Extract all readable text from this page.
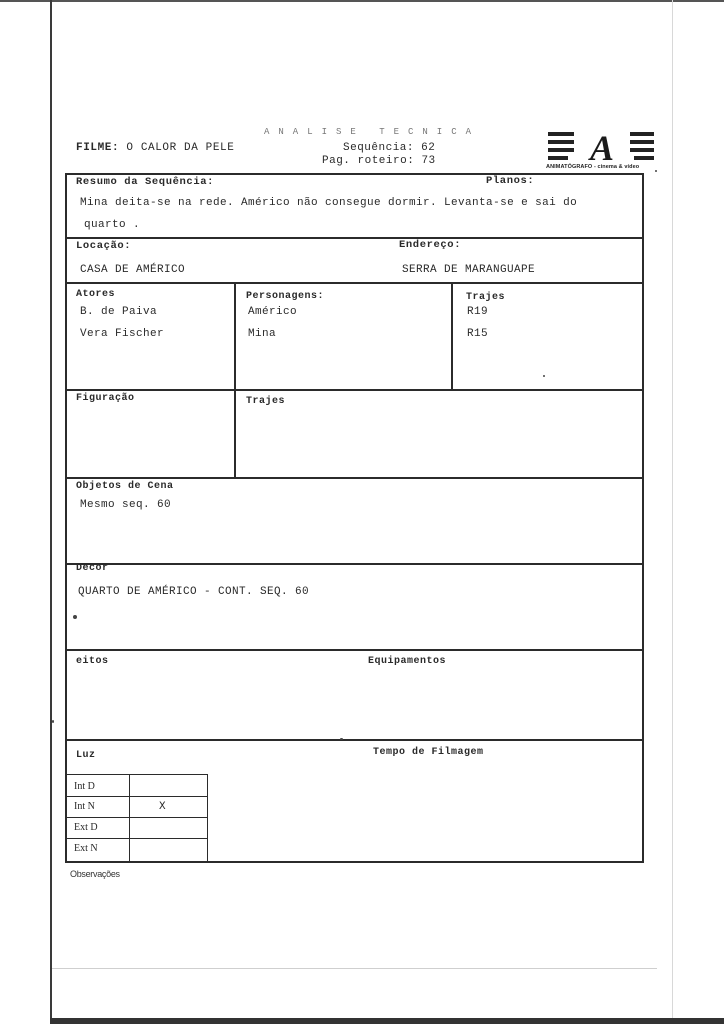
ANALISE TECNICA
FILME: O CALOR DA PELE	Sequência: 62
Pag. roteiro: 73	A
ANIMATÓGRAFO - cinema & vídeo
Resumo da Sequência:	Planos:
Mina deita-se na rede. Américo não consegue dormir. Levanta-se e sai do
quarto .
Locação:	Endereço:
CASA DE AMÉRICO	SERRA DE MARANGUAPE
Atores	Personagens:	Trajes
B. de Paiva	Américo	R19
Vera Fischer	Mina	R15
Figuração	Trajes
Objetos de Cena
Mesmo seq. 60
Decor
QUARTO DE AMÉRICO - CONT. SEQ. 60
eitos	Equipamentos
Luz	Tempo de Filmagem
Int D
Int N	X
Ext D
Ext N
Observações
